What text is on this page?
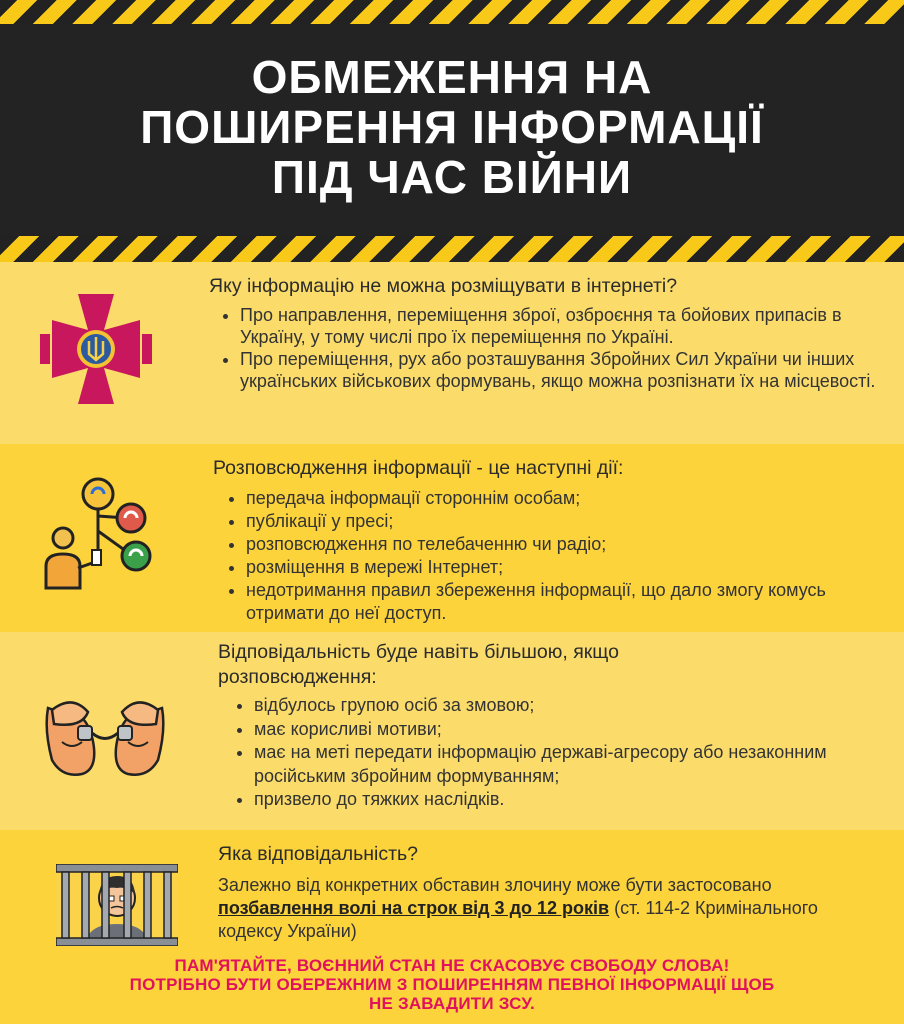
ОБМЕЖЕННЯ НА
ПОШИРЕННЯ ІНФОРМАЦІЇ
ПІД ЧАС ВІЙНИ
Яку інформацію не можна розміщувати в інтернеті?
• Про направлення, переміщення зброї, озброєння та бойових припасів в Україну, у тому числі про їх переміщення по Україні.
• Про переміщення, рух або розташування Збройних Сил України чи інших українських військових формувань, якщо можна розпізнати їх на місцевості.
Розповсюдження інформації - це наступні дії:
• передача інформації стороннім особам;
• публікації у пресі;
• розповсюдження по телебаченню чи радіо;
• розміщення в мережі Інтернет;
• недотримання правил збереження інформації, що дало змогу комусь отримати до неї доступ.
Відповідальність буде навіть більшою, якщо розповсюдження:
• відбулось групою осіб за змовою;
• має корисливі мотиви;
• має на меті передати інформацію державі-агресору або незаконним російським збройним формуванням;
• призвело до тяжких наслідків.
Яка відповідальність?
Залежно від конкретних обставин злочину може бути застосовано позбавлення волі на строк від 3 до 12 років (ст. 114-2 Кримінального кодексу України)
ПАМ'ЯТАЙТЕ, ВОЄННИЙ СТАН НЕ СКАСОВУЄ СВОБОДУ СЛОВА!
ПОТРІБНО БУТИ ОБЕРЕЖНИМ З ПОШИРЕННЯМ ПЕВНОЇ ІНФОРМАЦІЇ ЩОБ
НЕ ЗАВАДИТИ ЗСУ.
